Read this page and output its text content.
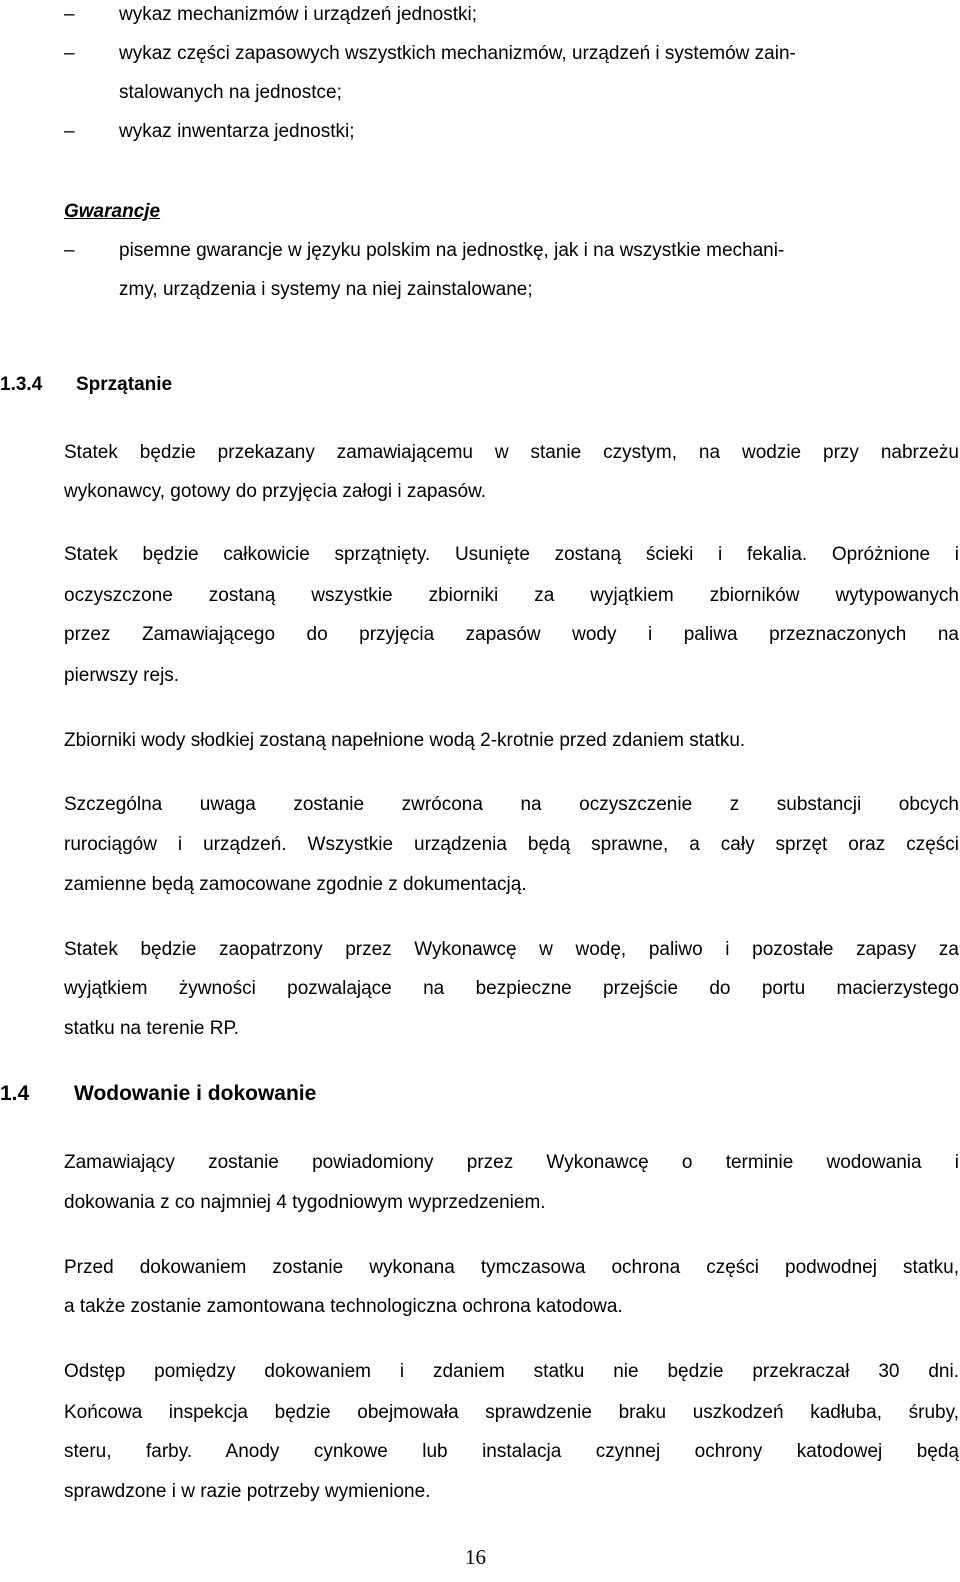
– wykaz mechanizmów i urządzeń jednostki;
– wykaz części zapasowych wszystkich mechanizmów, urządzeń i systemów zain-
stalowanych na jednostce;
– wykaz inwentarza jednostki;
Gwarancje
– pisemne gwarancje w języku polskim na jednostkę, jak i na wszystkie mechani-
zmy, urządzenia i systemy na niej zainstalowane;
1.3.4 Sprzątanie
Statek będzie przekazany zamawiającemu w stanie czystym, na wodzie przy nabrzeżu
wykonawcy, gotowy do przyjęcia załogi i zapasów.
Statek będzie całkowicie sprzątnięty. Usunięte zostaną ścieki i fekalia. Opróżnione i
oczyszczone zostaną wszystkie zbiorniki za wyjątkiem zbiorników wytypowanych
przez Zamawiającego do przyjęcia zapasów wody i paliwa przeznaczonych na
pierwszy rejs.
Zbiorniki wody słodkiej zostaną napełnione wodą 2-krotnie przed zdaniem statku.
Szczególna uwaga zostanie zwrócona na oczyszczenie z substancji obcych
rurociągów i urządzeń. Wszystkie urządzenia będą sprawne, a cały sprzęt oraz części
zamienne będą zamocowane zgodnie z dokumentacją.
Statek będzie zaopatrzony przez Wykonawcę w wodę, paliwo i pozostałe zapasy za
wyjątkiem żywności pozwalające na bezpieczne przejście do portu macierzystego
statku na terenie RP.
1.4 Wodowanie i dokowanie
Zamawiający zostanie powiadomiony przez Wykonawcę o terminie wodowania i
dokowania z co najmniej 4 tygodniowym wyprzedzeniem.
Przed dokowaniem zostanie wykonana tymczasowa ochrona części podwodnej statku,
a także zostanie zamontowana technologiczna ochrona katodowa.
Odstęp pomiędzy dokowaniem i zdaniem statku nie będzie przekraczał 30 dni.
Końcowa inspekcja będzie obejmowała sprawdzenie braku uszkodzeń kadłuba, śruby,
steru, farby. Anody cynkowe lub instalacja czynnej ochrony katodowej będą
sprawdzone i w razie potrzeby wymienione.
16
